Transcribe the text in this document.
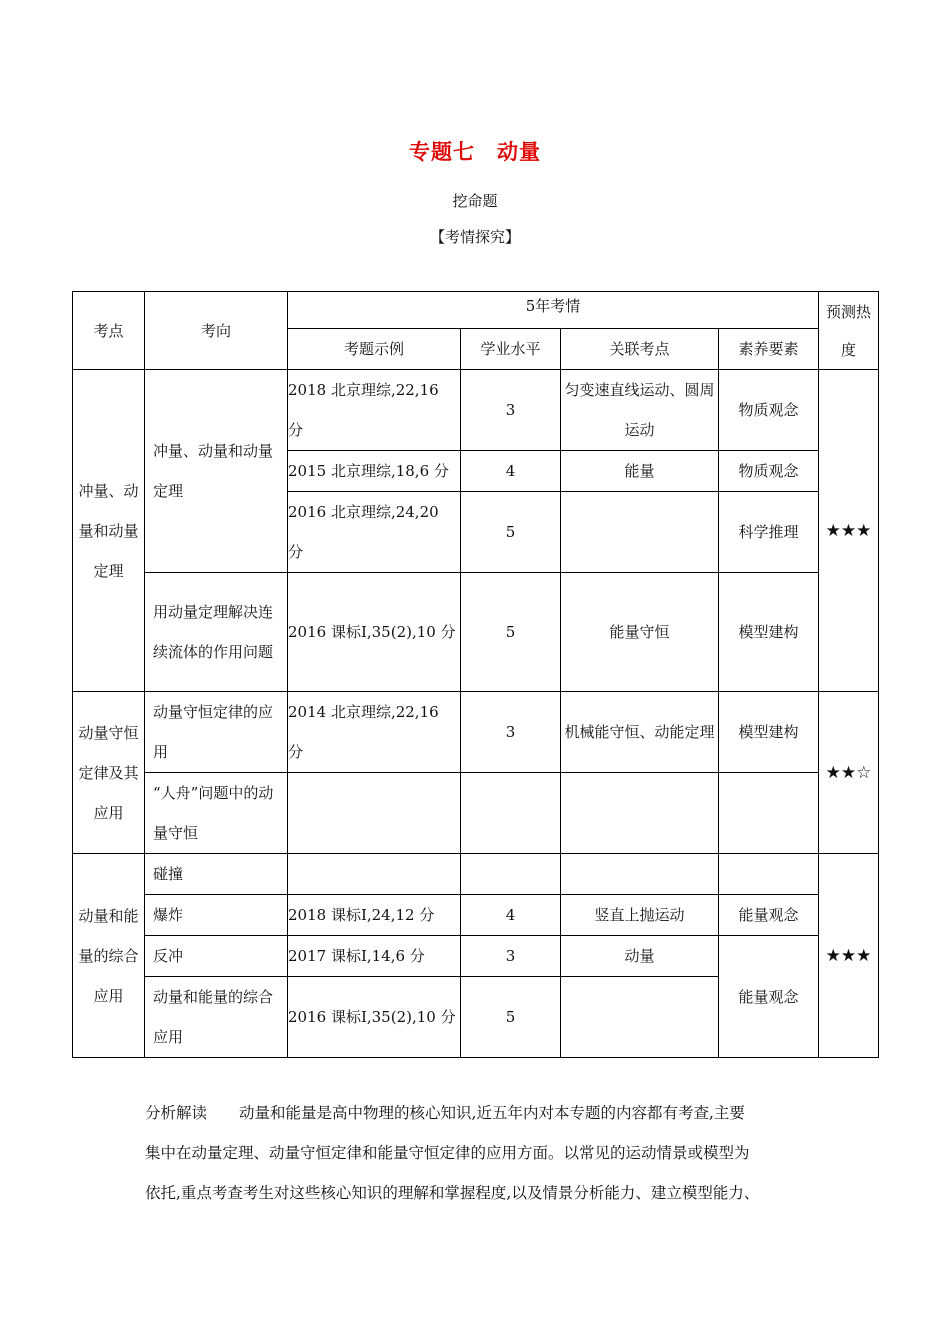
专题七　动量
挖命题
【考情探究】
考点	考向	5年考情				预测热度
		考题示例	学业水平	关联考点	素养要素	
冲量、动量和动量定理	冲量、动量和动量定理	2018 北京理综,22,16 分	3	匀变速直线运动、圆周运动	物质观念	★★★
		2015 北京理综,18,6 分	4	能量	物质观念	
		2016 北京理综,24,20 分	5		科学推理	
	用动量定理解决连续流体的作用问题	2016 课标Ⅰ,35(2),10 分	5	能量守恒	模型建构	
动量守恒定律及其应用	动量守恒定律的应用	2014 北京理综,22,16 分	3	机械能守恒、动能定理	模型建构	★★☆
	“人舟”问题中的动量守恒					
动量和能量的综合应用	碰撞					★★★
	爆炸	2018 课标Ⅰ,24,12 分	4	竖直上抛运动	能量观念	
	反冲	2017 课标Ⅰ,14,6 分	3	动量	能量观念	
	动量和能量的综合应用	2016 课标Ⅰ,35(2),10 分	5			
分析解读 动量和能量是高中物理的核心知识,近五年内对本专题的内容都有考查,主要
集中在动量定理、动量守恒定律和能量守恒定律的应用方面。以常见的运动情景或模型为
依托,重点考查考生对这些核心知识的理解和掌握程度,以及情景分析能力、建立模型能力、
